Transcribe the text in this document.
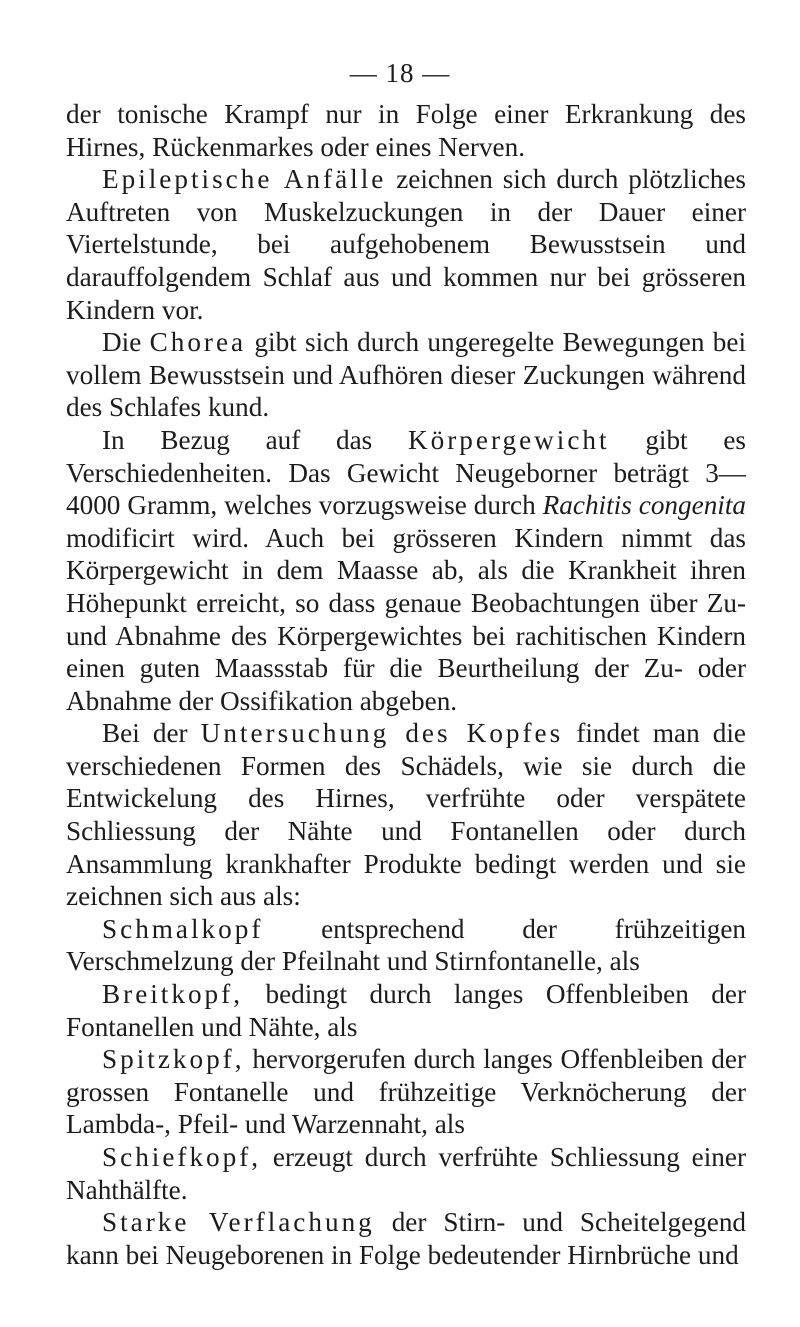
— 18 —

der tonische Krampf nur in Folge einer Erkrankung des Hirnes, Rückenmarkes oder eines Nerven.

Epileptische Anfälle zeichnen sich durch plötzliches Auftreten von Muskelzuckungen in der Dauer einer Viertelstunde, bei aufgehobenem Bewusstsein und darauffolgendem Schlaf aus und kommen nur bei grösseren Kindern vor.

Die Chorea gibt sich durch ungeregelte Bewegungen bei vollem Bewusstsein und Aufhören dieser Zuckungen während des Schlafes kund.

In Bezug auf das Körpergewicht gibt es Verschiedenheiten. Das Gewicht Neugeborner beträgt 3—4000 Gramm, welches vorzugsweise durch Rachitis congenita modificirt wird. Auch bei grösseren Kindern nimmt das Körpergewicht in dem Maasse ab, als die Krankheit ihren Höhepunkt erreicht, so dass genaue Beobachtungen über Zu- und Abnahme des Körpergewichtes bei rachitischen Kindern einen guten Maassstab für die Beurtheilung der Zu- oder Abnahme der Ossifikation abgeben.

Bei der Untersuchung des Kopfes findet man die verschiedenen Formen des Schädels, wie sie durch die Entwickelung des Hirnes, verfrühte oder verspätete Schliessung der Nähte und Fontanellen oder durch Ansammlung krankhafter Produkte bedingt werden und sie zeichnen sich aus als:

Schmalkopf entsprechend der frühzeitigen Verschmelzung der Pfeilnaht und Stirnfontanelle, als

Breitkopf, bedingt durch langes Offenbleiben der Fontanellen und Nähte, als

Spitzkopf, hervorgerufen durch langes Offenbleiben der grossen Fontanelle und frühzeitige Verknöcherung der Lambda-, Pfeil- und Warzennaht, als

Schiefkopf, erzeugt durch verfrühte Schliessung einer Nahthälfte.

Starke Verflachung der Stirn- und Scheitelgegend kann bei Neugeborenen in Folge bedeutender Hirnbrüche und
